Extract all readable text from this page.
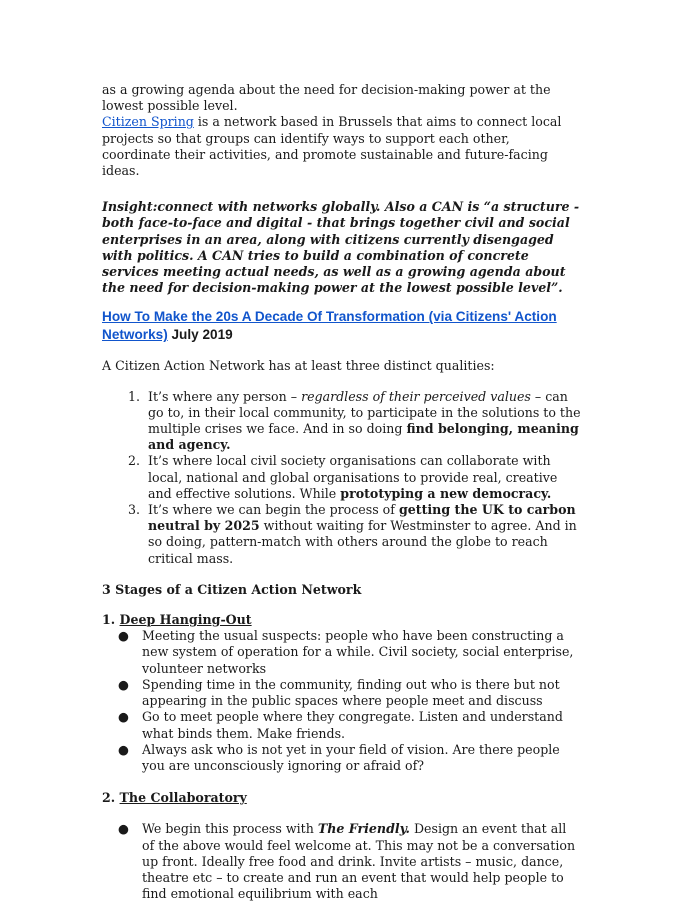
as a growing agenda about the need for decision-making power at the lowest possible level.

Citizen Spring is a network based in Brussels that aims to connect local projects so that groups can identify ways to support each other, coordinate their activities, and promote sustainable and future-facing ideas.

Insight:connect with networks globally. Also a CAN is “a structure - both face-to-face and digital - that brings together civil and social enterprises in an area, along with citizens currently disengaged with politics. A CAN tries to build a combination of concrete services meeting actual needs, as well as a growing agenda about the need for decision-making power at the lowest possible level”.

How To Make the 20s A Decade Of Transformation (via Citizens' Action Networks) July 2019

A Citizen Action Network has at least three distinct qualities:

1. It’s where any person – regardless of their perceived values – can go to, in their local community, to participate in the solutions to the multiple crises we face. And in so doing find belonging, meaning and agency.
2. It’s where local civil society organisations can collaborate with local, national and global organisations to provide real, creative and effective solutions. While prototyping a new democracy.
3. It’s where we can begin the process of getting the UK to carbon neutral by 2025 without waiting for Westminster to agree. And in so doing, pattern-match with others around the globe to reach critical mass.

3 Stages of a Citizen Action Network

1. Deep Hanging-Out

● Meeting the usual suspects: people who have been constructing a new system of operation for a while. Civil society, social enterprise, volunteer networks
● Spending time in the community, finding out who is there but not appearing in the public spaces where people meet and discuss
● Go to meet people where they congregate. Listen and understand what binds them. Make friends.
● Always ask who is not yet in your field of vision. Are there people you are unconsciously ignoring or afraid of?

2. The Collaboratory

● We begin this process with The Friendly. Design an event that all of the above would feel welcome at. This may not be a conversation up front. Ideally free food and drink. Invite artists – music, dance, theatre etc – to create and run an event that would help people to find emotional equilibrium with each
